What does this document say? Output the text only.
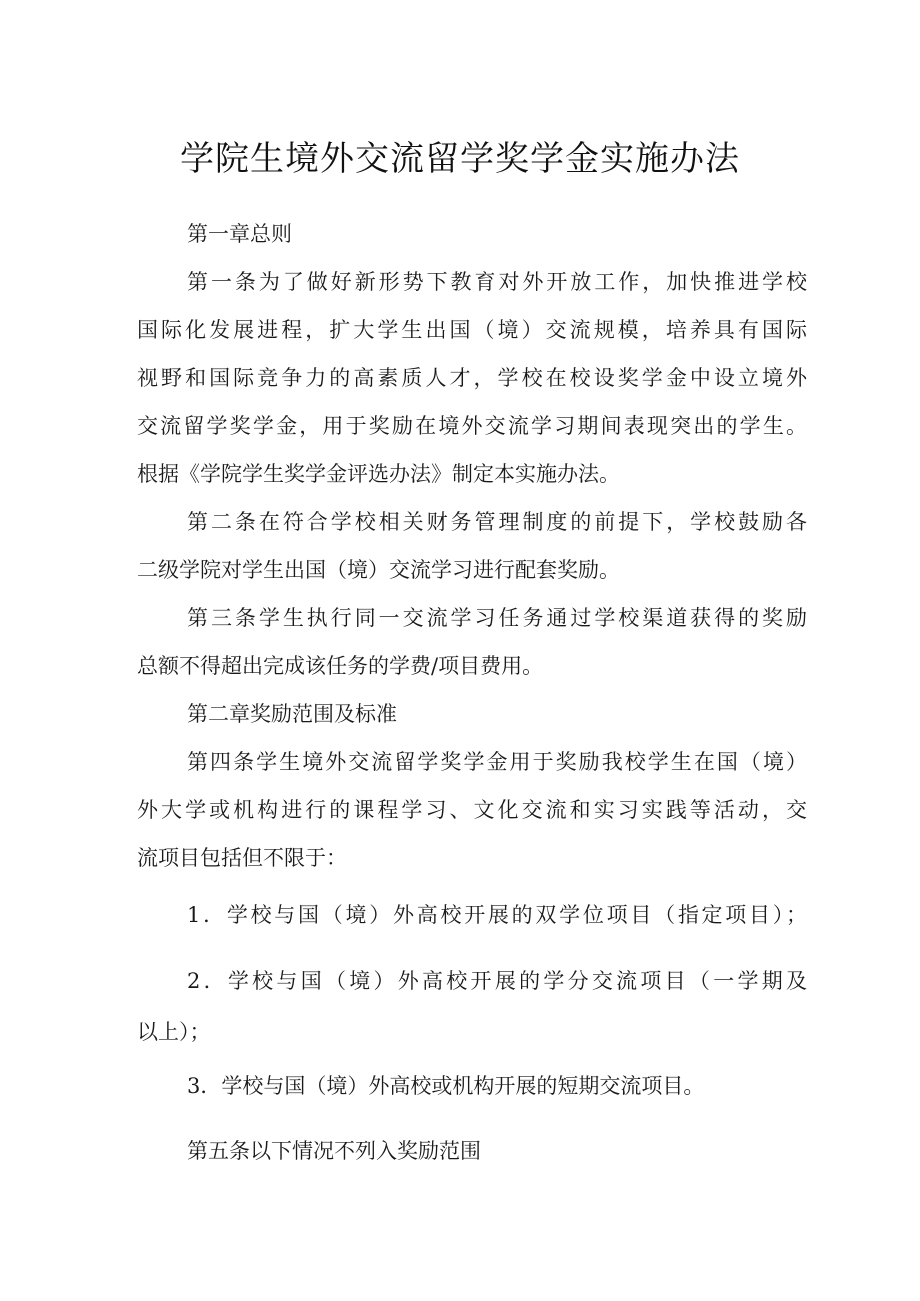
学院生境外交流留学奖学金实施办法
第一章总则
第一条为了做好新形势下教育对外开放工作，加快推进学校
国际化发展进程，扩大学生出国（境）交流规模，培养具有国际
视野和国际竞争力的高素质人才，学校在校设奖学金中设立境外
交流留学奖学金，用于奖励在境外交流学习期间表现突出的学生。
根据《学院学生奖学金评选办法》制定本实施办法。
第二条在符合学校相关财务管理制度的前提下，学校鼓励各
二级学院对学生出国（境）交流学习进行配套奖励。
第三条学生执行同一交流学习任务通过学校渠道获得的奖励
总额不得超出完成该任务的学费/项目费用。
第二章奖励范围及标准
第四条学生境外交流留学奖学金用于奖励我校学生在国（境）
外大学或机构进行的课程学习、文化交流和实习实践等活动，交
流项目包括但不限于：
1．学校与国（境）外高校开展的双学位项目（指定项目）；
2．学校与国（境）外高校开展的学分交流项目（一学期及
以上）；
3．学校与国（境）外高校或机构开展的短期交流项目。
第五条以下情况不列入奖励范围
